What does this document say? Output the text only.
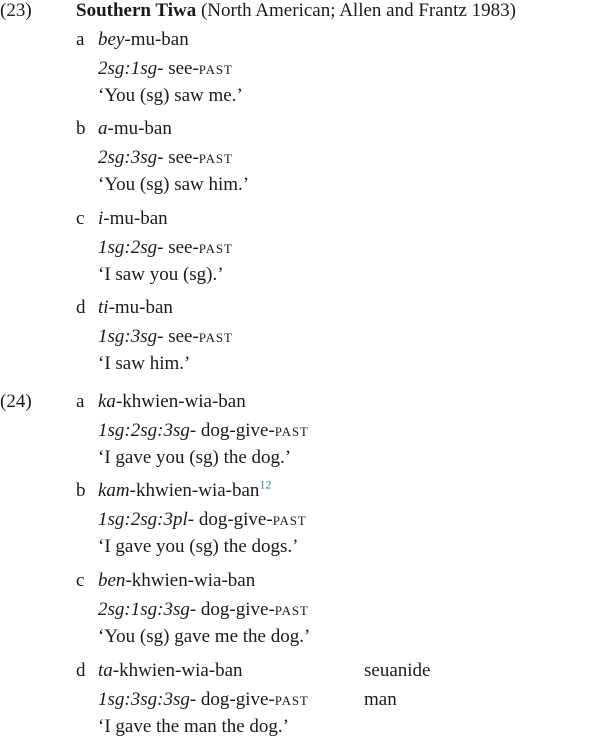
(23) Southern Tiwa (North American; Allen and Frantz 1983)
a bey-mu-ban
2sg:1sg- see-past
‘You (sg) saw me.’
b a-mu-ban
2sg:3sg- see-past
‘You (sg) saw him.’
c i-mu-ban
1sg:2sg- see-past
‘I saw you (sg).’
d ti-mu-ban
1sg:3sg- see-past
‘I saw him.’
(24) a ka-khwien-wia-ban
1sg:2sg:3sg- dog-give-past
‘I gave you (sg) the dog.’
b kam-khwien-wia-ban$^{12}$
1sg:2sg:3pl- dog-give-past
‘I gave you (sg) the dogs.’
c ben-khwien-wia-ban
2sg:1sg:3sg- dog-give-past
‘You (sg) gave me the dog.’
d ta-khwien-wia-ban	seuanide
1sg:3sg:3sg- dog-give-past	man
‘I gave the man the dog.’
